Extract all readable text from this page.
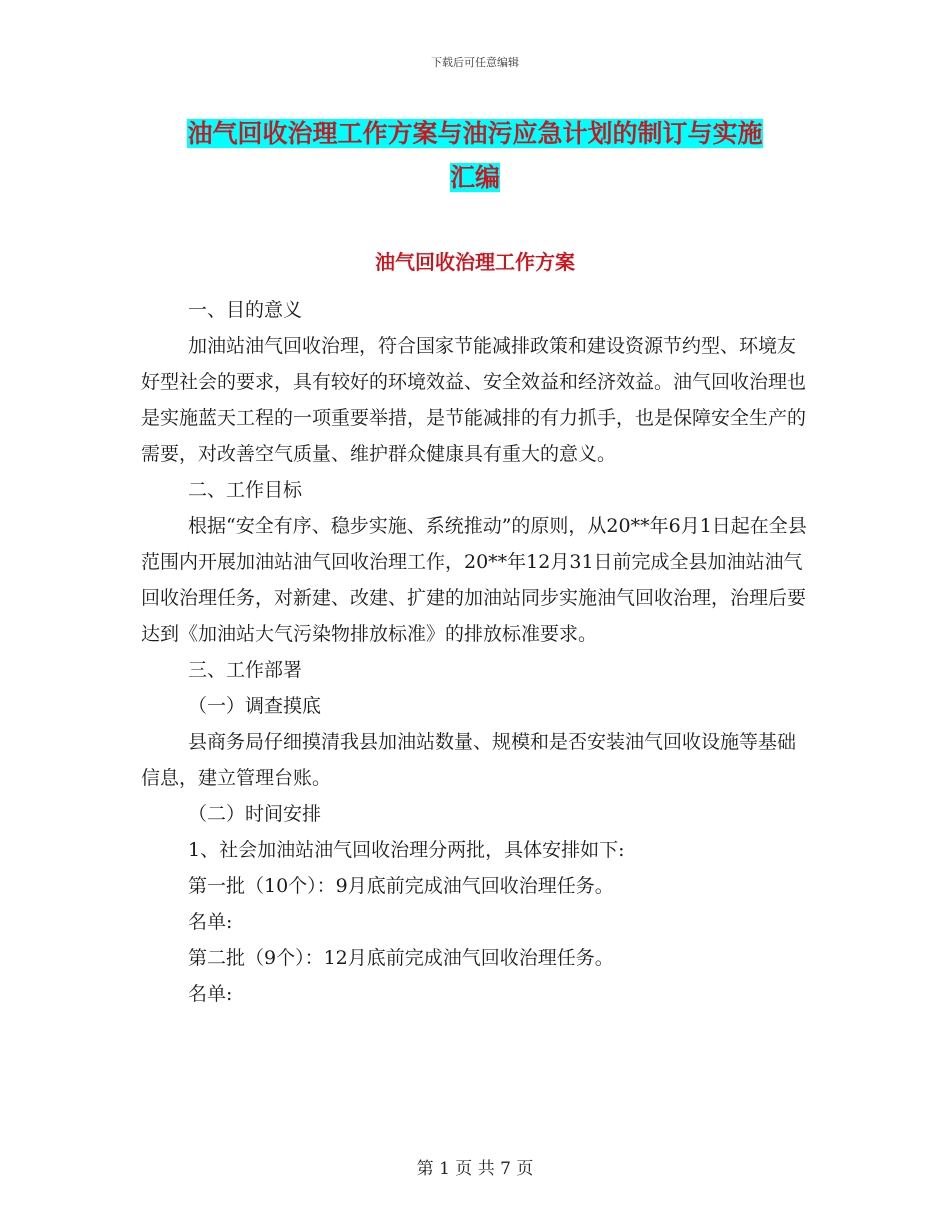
下载后可任意编辑
油气回收治理工作方案与油污应急计划的制订与实施
汇编
油气回收治理工作方案

一、目的意义

加油站油气回收治理，符合国家节能减排政策和建设资源节约型、环境友好型社会的要求，具有较好的环境效益、安全效益和经济效益。油气回收治理也是实施蓝天工程的一项重要举措，是节能减排的有力抓手，也是保障安全生产的需要，对改善空气质量、维护群众健康具有重大的意义。

二、工作目标

根据“安全有序、稳步实施、系统推动”的原则，从20**年6月1日起在全县范围内开展加油站油气回收治理工作，20**年12月31日前完成全县加油站油气回收治理任务，对新建、改建、扩建的加油站同步实施油气回收治理，治理后要达到《加油站大气污染物排放标准》的排放标准要求。

三、工作部署

（一）调查摸底

县商务局仔细摸清我县加油站数量、规模和是否安装油气回收设施等基础信息，建立管理台账。

（二）时间安排

1、社会加油站油气回收治理分两批，具体安排如下:

第一批（10个）：9月底前完成油气回收治理任务。

名单:

第二批（9个）：12月底前完成油气回收治理任务。

名单:

第 1 页 共 7 页
